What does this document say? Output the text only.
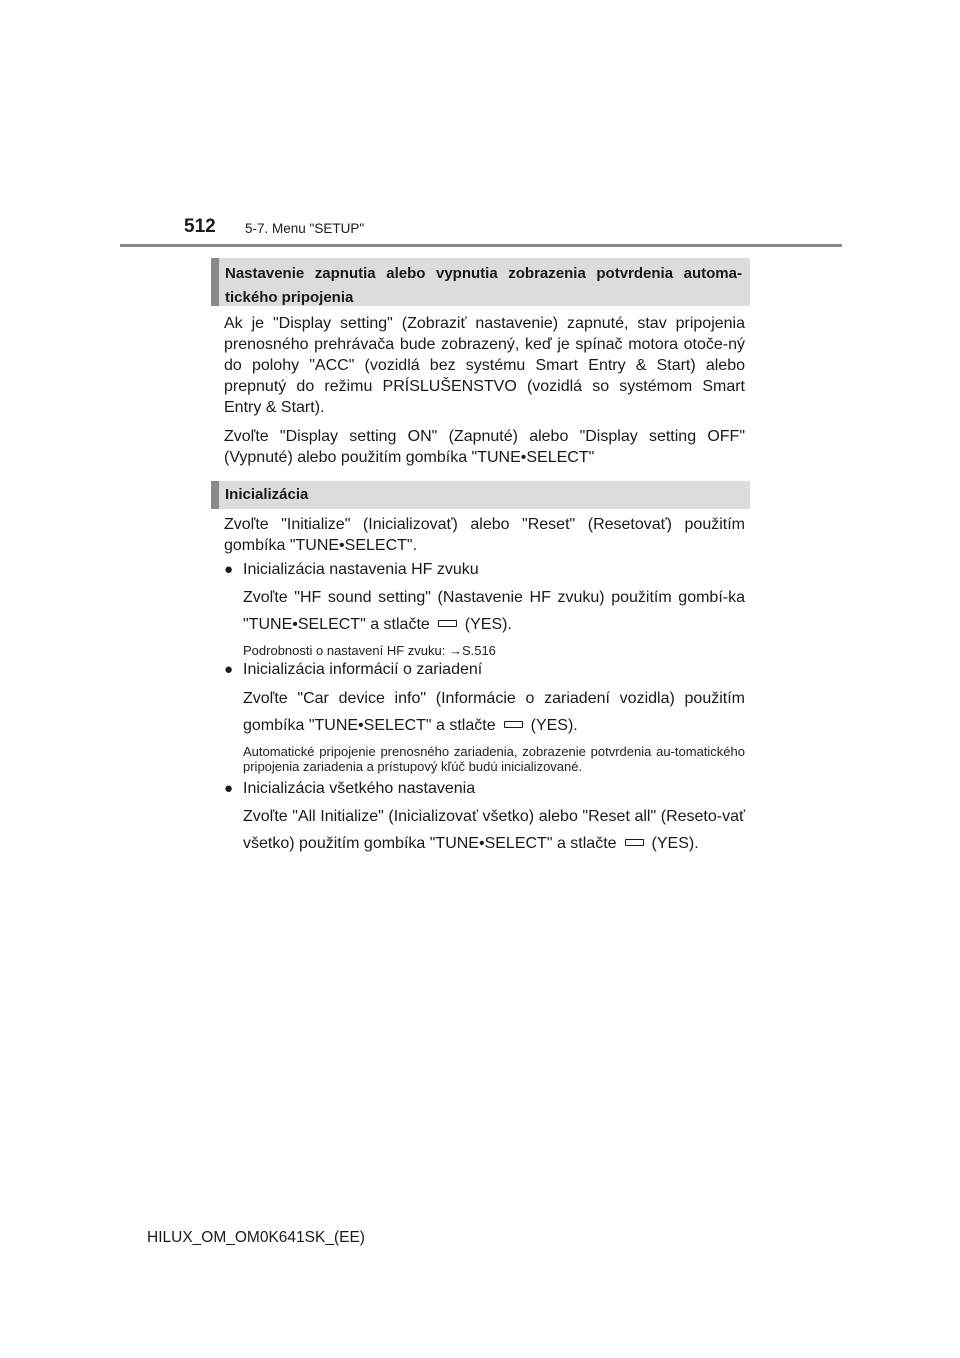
512 5-7. Menu "SETUP"
Nastavenie zapnutia alebo vypnutia zobrazenia potvrdenia automa-tického pripojenia

Ak je "Display setting" (Zobraziť nastavenie) zapnuté, stav pripojenia prenosného prehrávača bude zobrazený, keď je spínač motora otoče-ný do polohy "ACC" (vozidlá bez systému Smart Entry & Start) alebo prepnutý do režimu PRÍSLUŠENSTVO (vozidlá so systémom Smart Entry & Start).

Zvoľte "Display setting ON" (Zapnuté) alebo "Display setting OFF" (Vypnuté) alebo použitím gombíka "TUNE•SELECT"

Inicializácia

Zvoľte "Initialize" (Inicializovať) alebo "Reset" (Resetovať) použitím gombíka "TUNE•SELECT".

● Inicializácia nastavenia HF zvuku

Zvoľte "HF sound setting" (Nastavenie HF zvuku) použitím gombí-ka "TUNE•SELECT" a stlačte (YES).

Podrobnosti o nastavení HF zvuku: →S.516

● Inicializácia informácií o zariadení

Zvoľte "Car device info" (Informácie o zariadení vozidla) použitím gombíka "TUNE•SELECT" a stlačte (YES).

Automatické pripojenie prenosného zariadenia, zobrazenie potvrdenia au-tomatického pripojenia zariadenia a prístupový kľúč budú inicializované.

● Inicializácia všetkého nastavenia

Zvoľte "All Initialize" (Inicializovať všetko) alebo "Reset all" (Reseto-vať všetko) použitím gombíka "TUNE•SELECT" a stlačte (YES).

HILUX_OM_OM0K641SK_(EE)
